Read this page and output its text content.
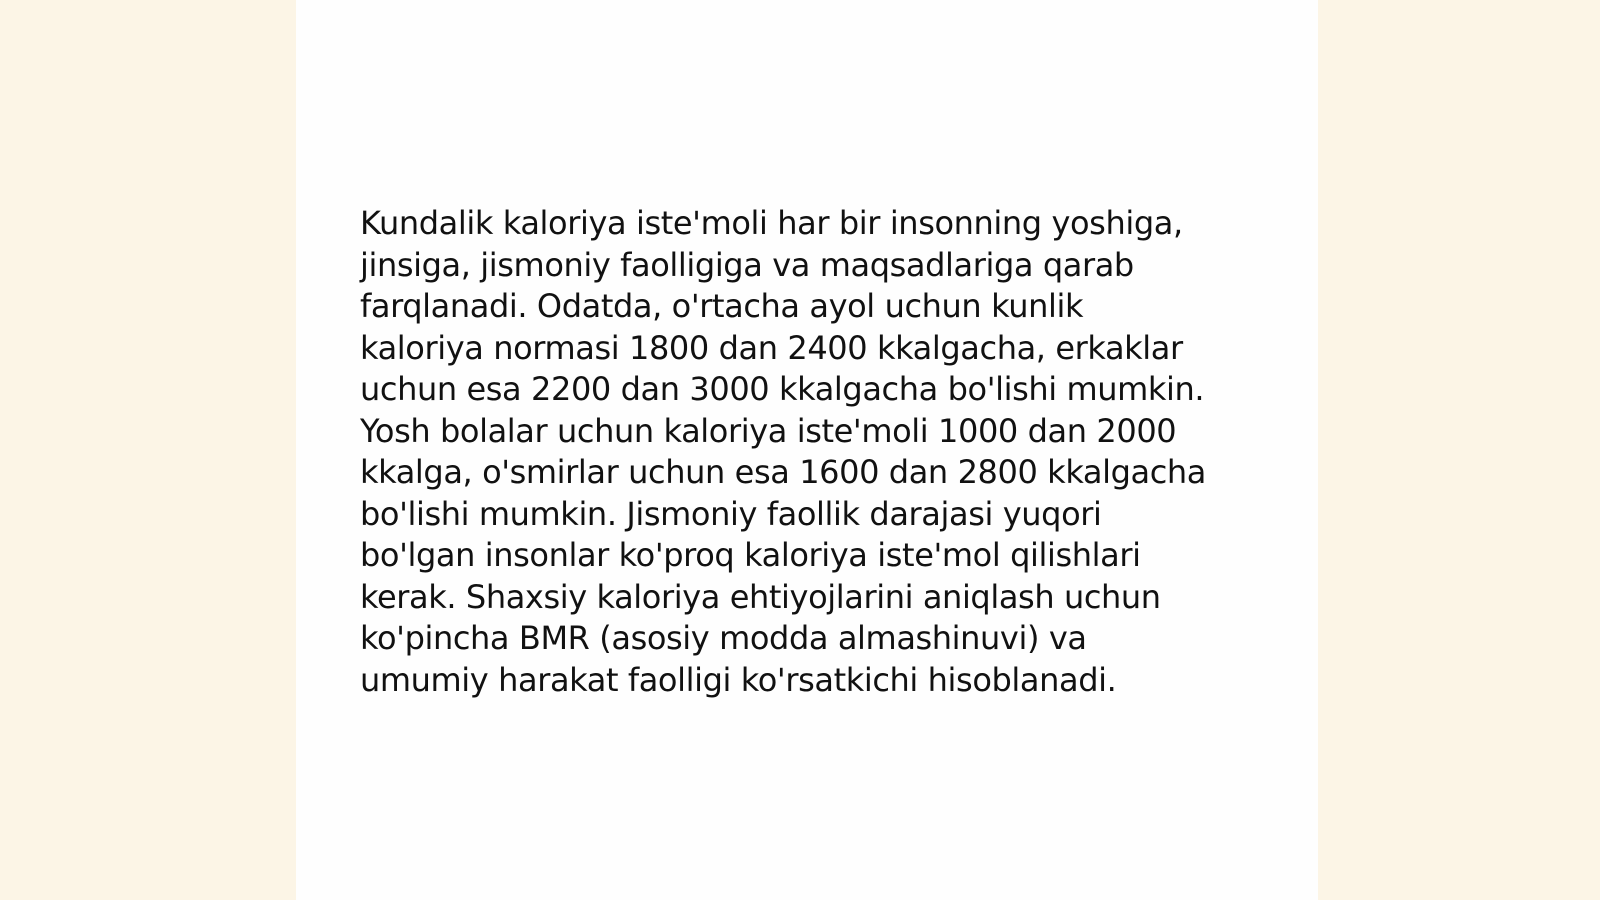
Kundalik kaloriya iste'moli har bir insonning yoshiga,
jinsiga, jismoniy faolligiga va maqsadlariga qarab
farqlanadi. Odatda, o'rtacha ayol uchun kunlik
kaloriya normasi 1800 dan 2400 kkalgacha, erkaklar
uchun esa 2200 dan 3000 kkalgacha bo'lishi mumkin.
Yosh bolalar uchun kaloriya iste'moli 1000 dan 2000
kkalga, o'smirlar uchun esa 1600 dan 2800 kkalgacha
bo'lishi mumkin. Jismoniy faollik darajasi yuqori
bo'lgan insonlar ko'proq kaloriya iste'mol qilishlari
kerak. Shaxsiy kaloriya ehtiyojlarini aniqlash uchun
ko'pincha BMR (asosiy modda almashinuvi) va
umumiy harakat faolligi ko'rsatkichi hisoblanadi.
